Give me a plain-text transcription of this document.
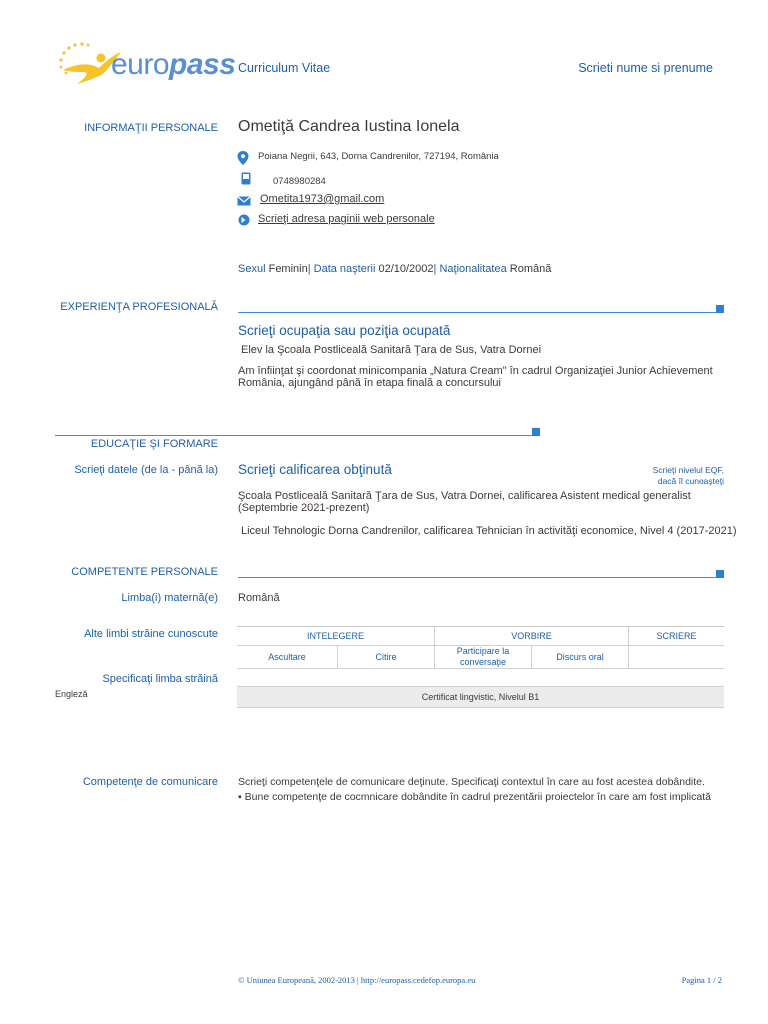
europass Curriculum Vitae	Scrieti nume si prenume
INFORMAŢII PERSONALE Ometiţă Candrea Iustina Ionela
Poiana Negrii, 643, Dorna Candrenilor, 727194, România
0748980284
Ometita1973@gmail.com
Scrieţi adresa paginii web personale
Sexul Feminin| Data naşterii 02/10/2002| Naţionalitatea Română
EXPERIENŢA PROFESIONALĂ
Scrieţi ocupaţia sau poziţia ocupată
Elev la Şcoala Postliceală Sanitară Ţara de Sus, Vatra Dornei
Am înfiinţat şi coordonat minicompania „Natura Cream" în cadrul Organizaţiei Junior Achievement
România, ajungând până în etapa finală a concursului
EDUCAŢIE ŞI FORMARE
Scrieţi datele (de la - până la) Scrieţi calificarea obţinută	Scrieţi nivelul EQF,
dacă îl cunoaşteţi
Şcoala Postliceală Sanitară Ţara de Sus, Vatra Dornei, calificarea Asistent medical generalist
(Septembrie 2021-prezent)
Liceul Tehnologic Dorna Candrenilor, calificarea Tehnician în activităţi economice, Nivel 4 (2017-2021)
COMPETENTE PERSONALE
Limba(i) maternă(e) Română
Alte limbi străine cunoscute	INTELEGERE		VORBIRE		SCRIERE
Ascultare	Citire	Participare la conversaţie	Discurs oral	
Specificaţi limba străină
Engleză	Certificat lingvistic, Nivelul B1
Competenţe de comunicare Scrieţi competenţele de comunicare deţinute. Specificaţi contextul în care au fost acestea dobândite.
▪ Bune competenţe de cocmnicare dobândite în cadrul prezentării proiectelor în care am fost implicată
© Uniunea Europeană, 2002-2013 | http://europass.cedefop.europa.eu	Pagina 1 / 2
